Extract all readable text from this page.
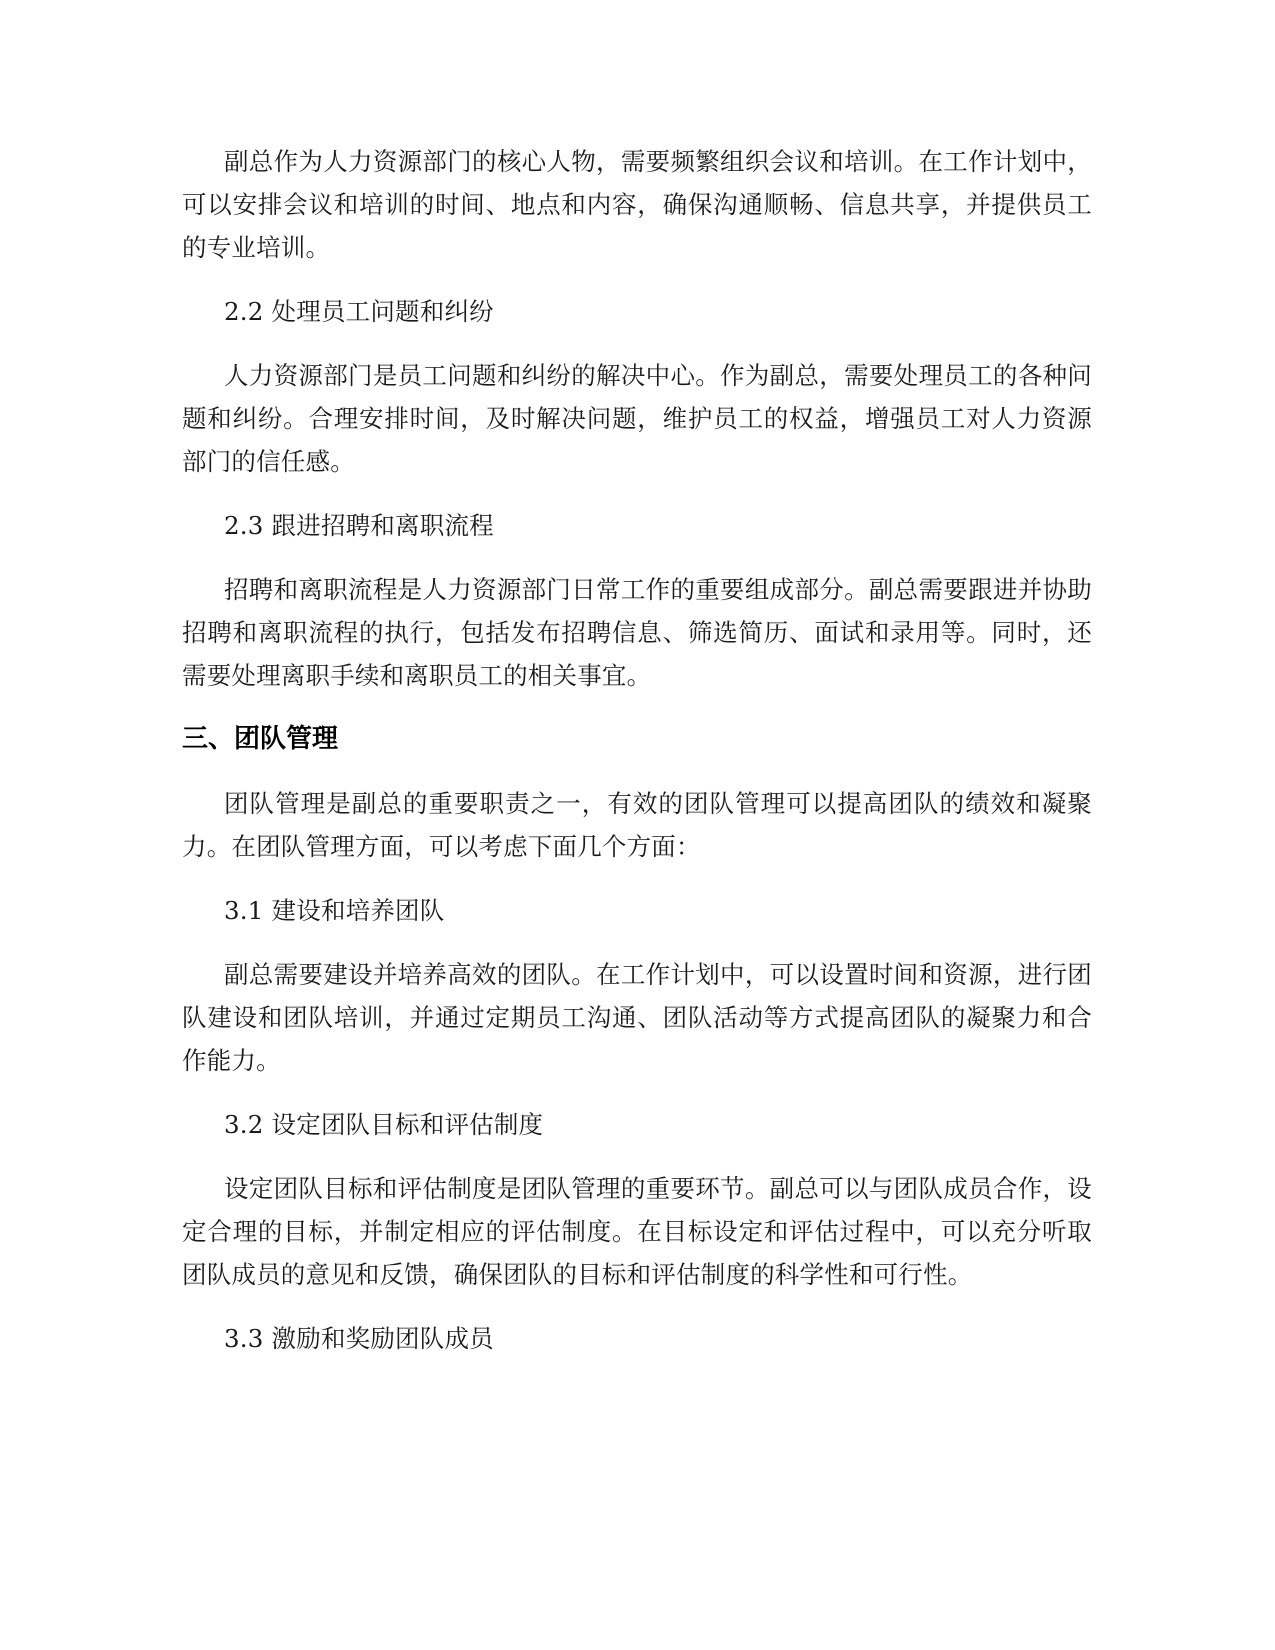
副总作为人力资源部门的核心人物，需要频繁组织会议和培训。在工作计划中，可以安排会议和培训的时间、地点和内容，确保沟通顺畅、信息共享，并提供员工的专业培训。

2.2 处理员工问题和纠纷

人力资源部门是员工问题和纠纷的解决中心。作为副总，需要处理员工的各种问题和纠纷。合理安排时间，及时解决问题，维护员工的权益，增强员工对人力资源部门的信任感。

2.3 跟进招聘和离职流程

招聘和离职流程是人力资源部门日常工作的重要组成部分。副总需要跟进并协助招聘和离职流程的执行，包括发布招聘信息、筛选简历、面试和录用等。同时，还需要处理离职手续和离职员工的相关事宜。

三、团队管理

团队管理是副总的重要职责之一，有效的团队管理可以提高团队的绩效和凝聚力。在团队管理方面，可以考虑下面几个方面：

3.1 建设和培养团队

副总需要建设并培养高效的团队。在工作计划中，可以设置时间和资源，进行团队建设和团队培训，并通过定期员工沟通、团队活动等方式提高团队的凝聚力和合作能力。

3.2 设定团队目标和评估制度

设定团队目标和评估制度是团队管理的重要环节。副总可以与团队成员合作，设定合理的目标，并制定相应的评估制度。在目标设定和评估过程中，可以充分听取团队成员的意见和反馈，确保团队的目标和评估制度的科学性和可行性。

3.3 激励和奖励团队成员
